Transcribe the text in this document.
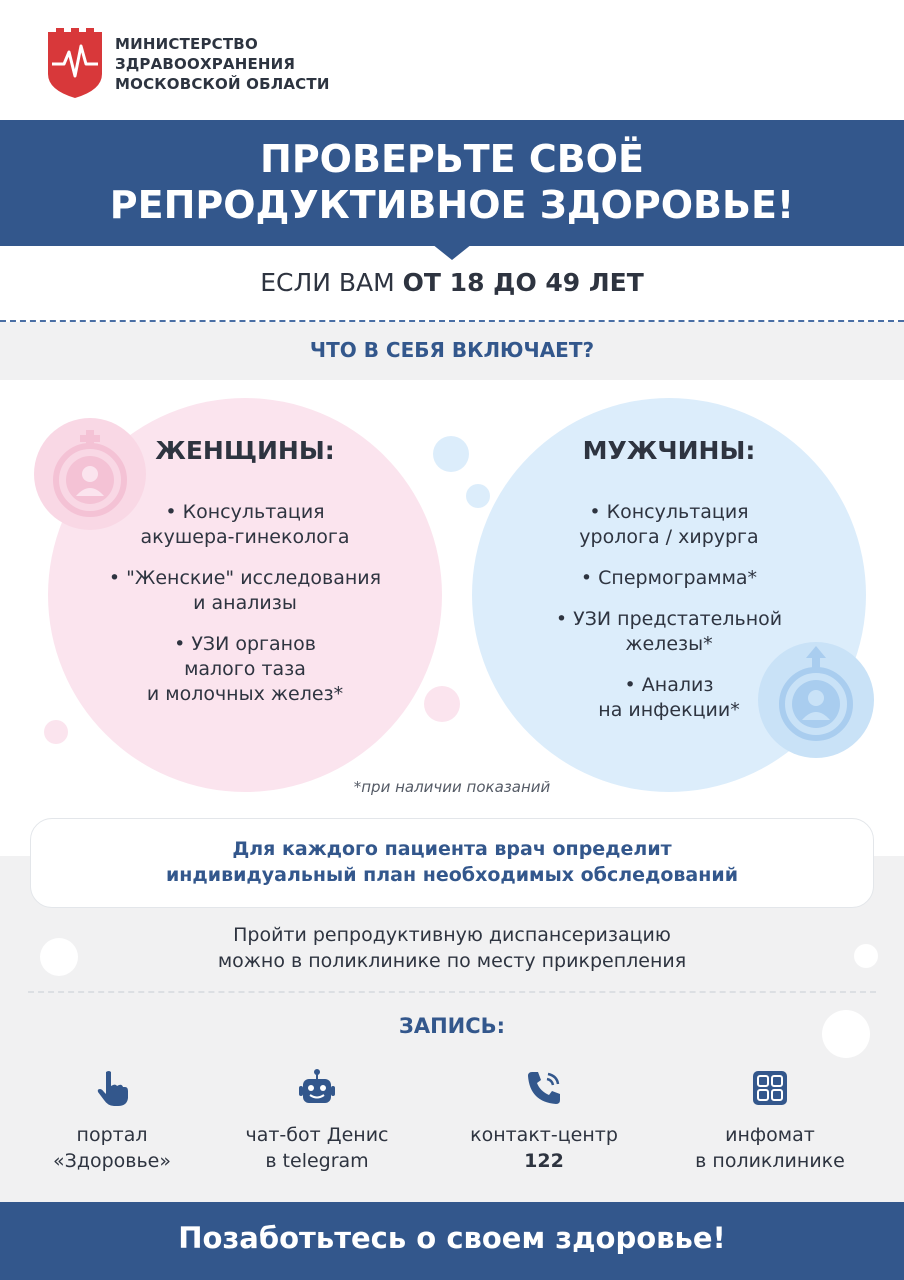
МИНИСТЕРСТВО
ЗДРАВООХРАНЕНИЯ
МОСКОВСКОЙ ОБЛАСТИ
ПРОВЕРЬТЕ СВОЁ
РЕПРОДУКТИВНОЕ ЗДОРОВЬЕ!
ЕСЛИ ВАМ ОТ 18 ДО 49 ЛЕТ
ЧТО В СЕБЯ ВКЛЮЧАЕТ?
ЖЕНЩИНЫ:
• Консультация
акушера-гинеколога
• "Женские" исследования
и анализы
• УЗИ органов
малого таза
и молочных желез*
МУЖЧИНЫ:
• Консультация
уролога / хирурга
• Спермограмма*
• УЗИ предстательной
железы*
• Анализ
на инфекции*
*при наличии показаний
Для каждого пациента врач определит
индивидуальный план необходимых обследований
Пройти репродуктивную диспансеризацию
можно в поликлинике по месту прикрепления
ЗАПИСЬ:
портал
«Здоровье»
чат-бот Денис
в telegram
контакт-центр
122
инфомат
в поликлинике
Позаботьтесь о своем здоровье!
